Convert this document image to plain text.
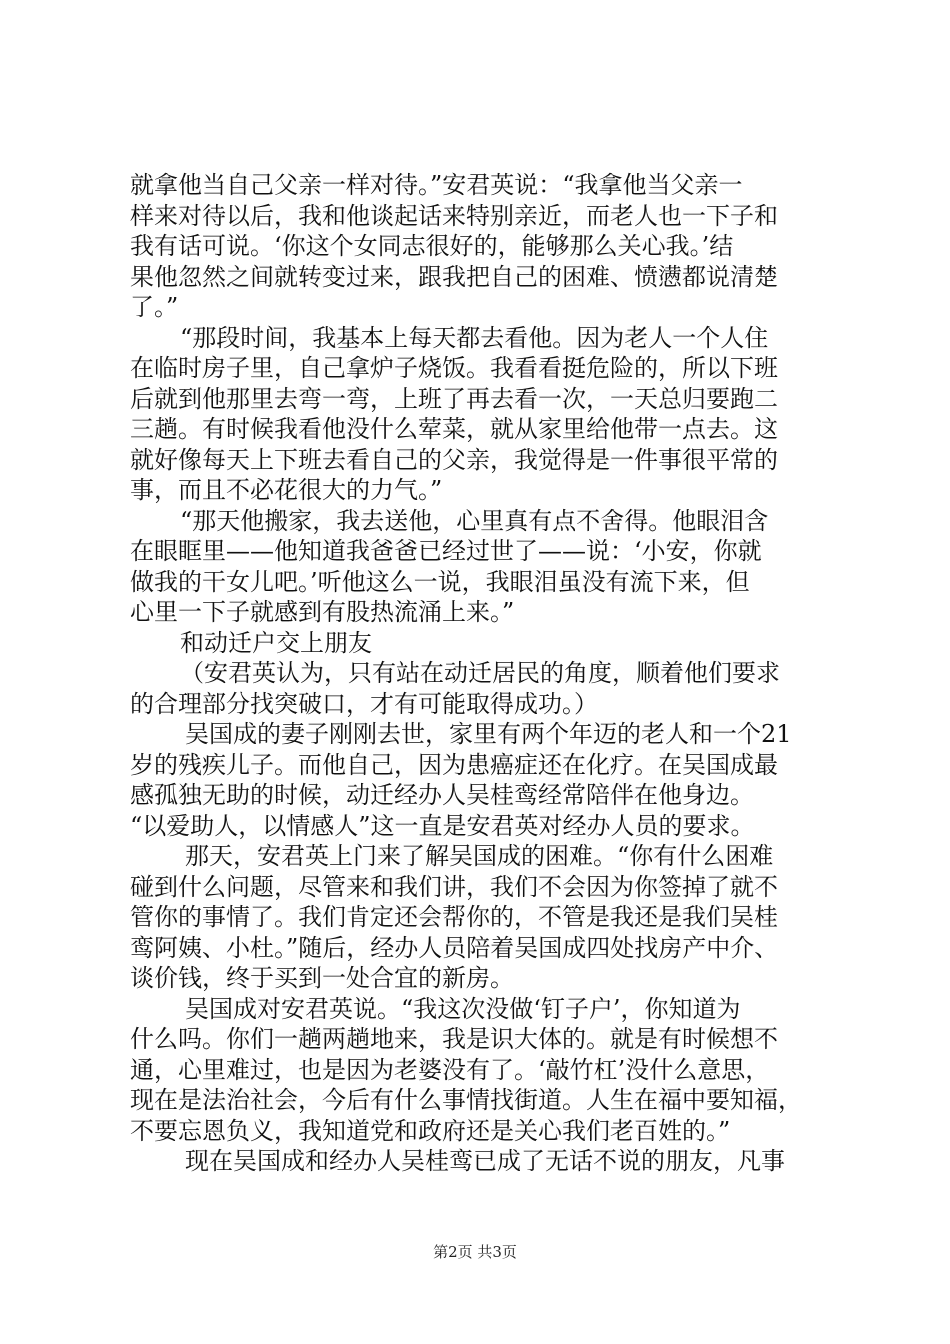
就拿他当自己父亲一样对待。”安君英说：“我拿他当父亲一
样来对待以后，我和他谈起话来特别亲近，而老人也一下子和
我有话可说。‘你这个女同志很好的，能够那么关心我。’结
果他忽然之间就转变过来，跟我把自己的困难、愤懑都说清楚
了。”
“那段时间，我基本上每天都去看他。因为老人一个人住
在临时房子里，自己拿炉子烧饭。我看看挺危险的，所以下班
后就到他那里去弯一弯，上班了再去看一次，一天总归要跑二
三趟。有时候我看他没什么荤菜，就从家里给他带一点去。这
就好像每天上下班去看自己的父亲，我觉得是一件事很平常的
事，而且不必花很大的力气。”
“那天他搬家，我去送他，心里真有点不舍得。他眼泪含
在眼眶里——他知道我爸爸已经过世了——说：‘小安，你就
做我的干女儿吧。’听他这么一说，我眼泪虽没有流下来，但
心里一下子就感到有股热流涌上来。”
和动迁户交上朋友
（安君英认为，只有站在动迁居民的角度，顺着他们要求
的合理部分找突破口，才有可能取得成功。）
吴国成的妻子刚刚去世，家里有两个年迈的老人和一个21
岁的残疾儿子。而他自己，因为患癌症还在化疗。在吴国成最
感孤独无助的时候，动迁经办人吴桂鸾经常陪伴在他身边。
“以爱助人，以情感人”这一直是安君英对经办人员的要求。
那天，安君英上门来了解吴国成的困难。“你有什么困难
碰到什么问题，尽管来和我们讲，我们不会因为你签掉了就不
管你的事情了。我们肯定还会帮你的，不管是我还是我们吴桂
鸾阿姨、小杜。”随后，经办人员陪着吴国成四处找房产中介、
谈价钱，终于买到一处合宜的新房。
吴国成对安君英说。“我这次没做‘钉子户’，你知道为
什么吗。你们一趟两趟地来，我是识大体的。就是有时候想不
通，心里难过，也是因为老婆没有了。‘敲竹杠’没什么意思，
现在是法治社会，今后有什么事情找街道。人生在福中要知福，
不要忘恩负义，我知道党和政府还是关心我们老百姓的。”
现在吴国成和经办人吴桂鸾已成了无话不说的朋友，凡事
第2页 共3页
